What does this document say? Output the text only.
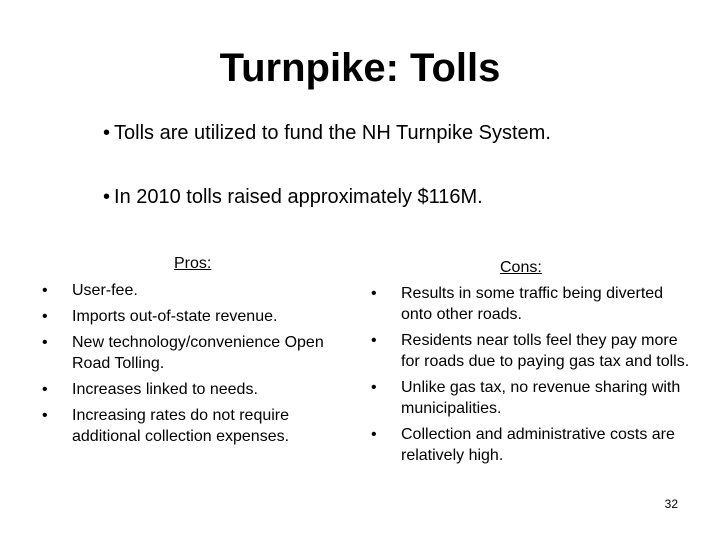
Turnpike: Tolls
• Tolls are utilized to fund the NH Turnpike System.
• In 2010 tolls raised approximately $116M.
Pros:
• User-fee.
• Imports out-of-state revenue.
• New technology/convenience Open Road Tolling.
• Increases linked to needs.
• Increasing rates do not require additional collection expenses.
Cons:
• Results in some traffic being diverted onto other roads.
• Residents near tolls feel they pay more for roads due to paying gas tax and tolls.
• Unlike gas tax, no revenue sharing with municipalities.
• Collection and administrative costs are relatively high.
32
